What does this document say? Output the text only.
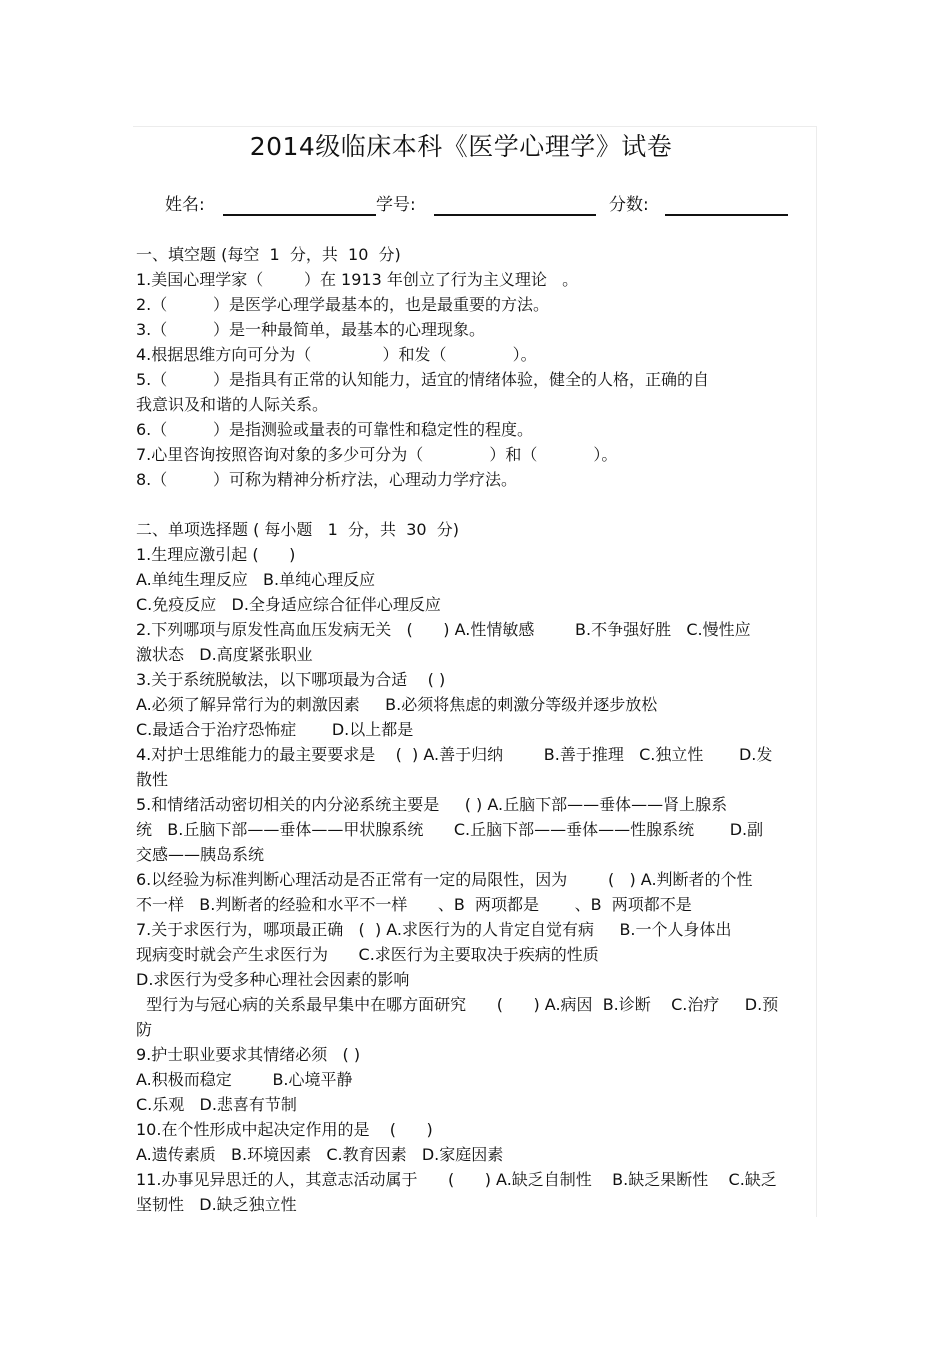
2014级临床本科《医学心理学》试卷
姓名:	学号:	分数:
一、填空题 (每空  1  分，共  10  分)
1.美国心理学家（        ）在 1913 年创立了行为主义理论   。
2.（         ）是医学心理学最基本的，也是最重要的方法。
3.（         ）是一种最简单，最基本的心理现象。
4.根据思维方向可分为（              ）和发（             ）。
5.（         ）是指具有正常的认知能力，适宜的情绪体验，健全的人格，正确的自
我意识及和谐的人际关系。
6.（         ）是指测验或量表的可靠性和稳定性的程度。
7.心里咨询按照咨询对象的多少可分为（             ）和（           ）。
8.（         ）可称为精神分析疗法，心理动力学疗法。
二、单项选择题 ( 每小题   1  分，共  30  分)
1.生理应激引起 (      )
A.单纯生理反应   B.单纯心理反应
C.免疫反应   D.全身适应综合征伴心理反应
2.下列哪项与原发性高血压发病无关   (      ) A.性情敏感        B.不争强好胜   C.慢性应
激状态   D.高度紧张职业
3.关于系统脱敏法，以下哪项最为合适    ( )
A.必须了解异常行为的刺激因素     B.必须将焦虑的刺激分等级并逐步放松
C.最适合于治疗恐怖症       D.以上都是
4.对护士思维能力的最主要要求是    (  ) A.善于归纳        B.善于推理   C.独立性       D.发
散性
5.和情绪活动密切相关的内分泌系统主要是     ( ) A.丘脑下部——垂体——肾上腺系
统   B.丘脑下部——垂体——甲状腺系统      C.丘脑下部——垂体——性腺系统       D.副
交感——胰岛系统
6.以经验为标准判断心理活动是否正常有一定的局限性，因为        (   ) A.判断者的个性
不一样   B.判断者的经验和水平不一样      、B  两项都是       、B  两项都不是
7.关于求医行为，哪项最正确   (  ) A.求医行为的人肯定自觉有病     B.一个人身体出
现病变时就会产生求医行为      C.求医行为主要取决于疾病的性质
D.求医行为受多种心理社会因素的影响
型行为与冠心病的关系最早集中在哪方面研究      (      ) A.病因  B.诊断    C.治疗     D.预
防
9.护士职业要求其情绪必须   ( )
A.积极而稳定        B.心境平静
C.乐观   D.悲喜有节制
10.在个性形成中起决定作用的是    (      )
A.遗传素质   B.环境因素   C.教育因素   D.家庭因素
11.办事见异思迁的人，其意志活动属于      (      ) A.缺乏自制性    B.缺乏果断性    C.缺乏
坚韧性   D.缺乏独立性
